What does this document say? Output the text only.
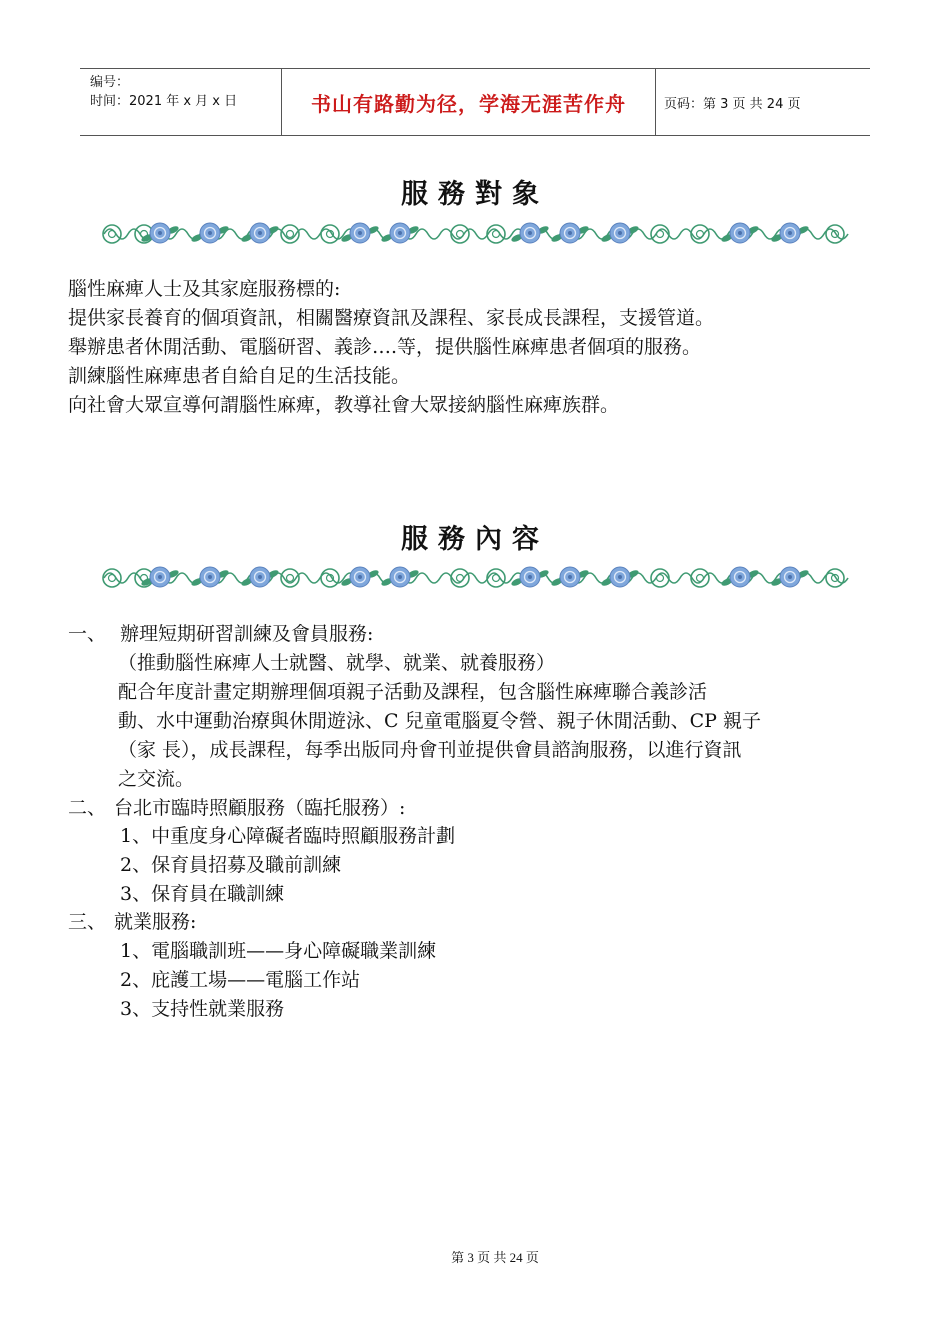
编号：
时间：2021 年 x 月 x 日	书山有路勤为径，学海无涯苦作舟	页码：第 3 页 共 24 页
服務對象
腦性麻痺人士及其家庭服務標的:
提供家長養育的個項資訊，相關醫療資訊及課程、家長成長課程，支援管道。
舉辦患者休閒活動、電腦研習、義診….等，提供腦性麻痺患者個項的服務。
訓練腦性麻痺患者自給自足的生活技能。
向社會大眾宣導何謂腦性麻痺，教導社會大眾接納腦性麻痺族群。
服務內容
一、 辦理短期研習訓練及會員服務:
（推動腦性麻痺人士就醫、就學、就業、就養服務）
配合年度計畫定期辦理個項親子活動及課程，包含腦性麻痺聯合義診活
動、水中運動治療與休閒遊泳、C 兒童電腦夏令營、親子休閒活動、CP 親子
（家 長），成長課程，每季出版同舟會刊並提供會員諮詢服務，以進行資訊
之交流。
二、 台北市臨時照顧服務（臨托服務）:
1、中重度身心障礙者臨時照顧服務計劃
2、保育員招募及職前訓練
3、保育員在職訓練
三、 就業服務:
1、電腦職訓班——身心障礙職業訓練
2、庇護工場——電腦工作站
3、支持性就業服務
第 3 页 共 24 页
